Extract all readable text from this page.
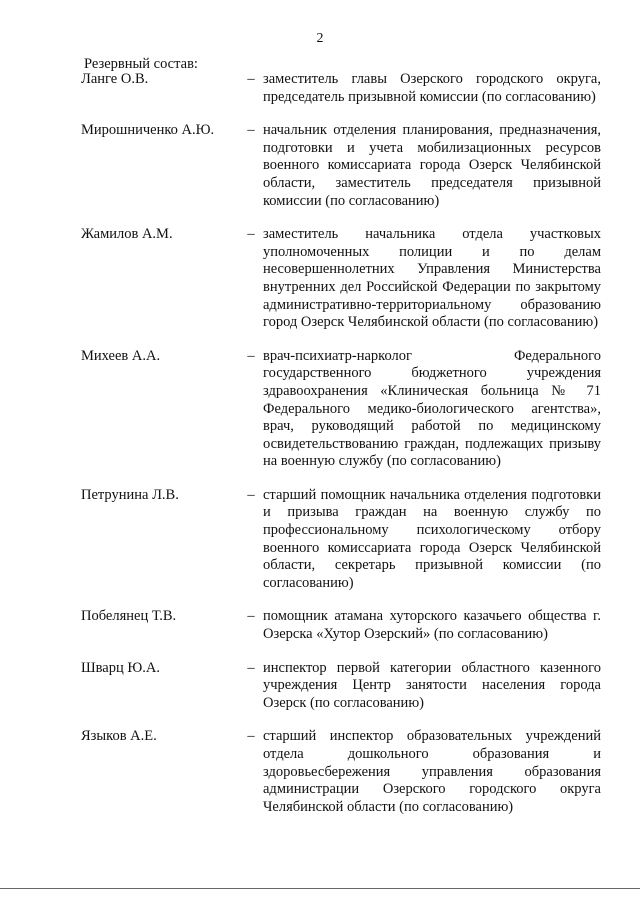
2
Резервный состав:
Ланге О.В.	– заместитель главы Озерского городского округа, председатель призывной комиссии (по согласованию)
Мирошниченко А.Ю.	– начальник отделения планирования, предназначения, подготовки и учета мобилизационных ресурсов военного комиссариата города Озерск Челябинской области, заместитель председателя призывной комиссии (по согласованию)
Жамилов А.М.	– заместитель начальника отдела участковых уполномоченных полиции и по делам несовершеннолетних Управления Министерства внутренних дел Российской Федерации по закрытому административно-территориальному образованию город Озерск Челябинской области (по согласованию)
Михеев А.А.	– врач-психиатр-нарколог Федерального государственного бюджетного учреждения здравоохранения «Клиническая больница № 71 Федерального медико-биологического агентства», врач, руководящий работой по медицинскому освидетельствованию граждан, подлежащих призыву на военную службу (по согласованию)
Петрунина Л.В.	– старший помощник начальника отделения подготовки и призыва граждан на военную службу по профессиональному психологическому отбору военного комиссариата города Озерск Челябинской области, секретарь призывной комиссии (по согласованию)
Побелянец Т.В.	– помощник атамана хуторского казачьего общества г. Озерска «Хутор Озерский» (по согласованию)
Шварц Ю.А.	– инспектор первой категории областного казенного учреждения Центр занятости населения города Озерск (по согласованию)
Языков А.Е.	– старший инспектор образовательных учреждений отдела дошкольного образования и здоровьесбережения управления образования администрации Озерского городского округа Челябинской области (по согласованию)
